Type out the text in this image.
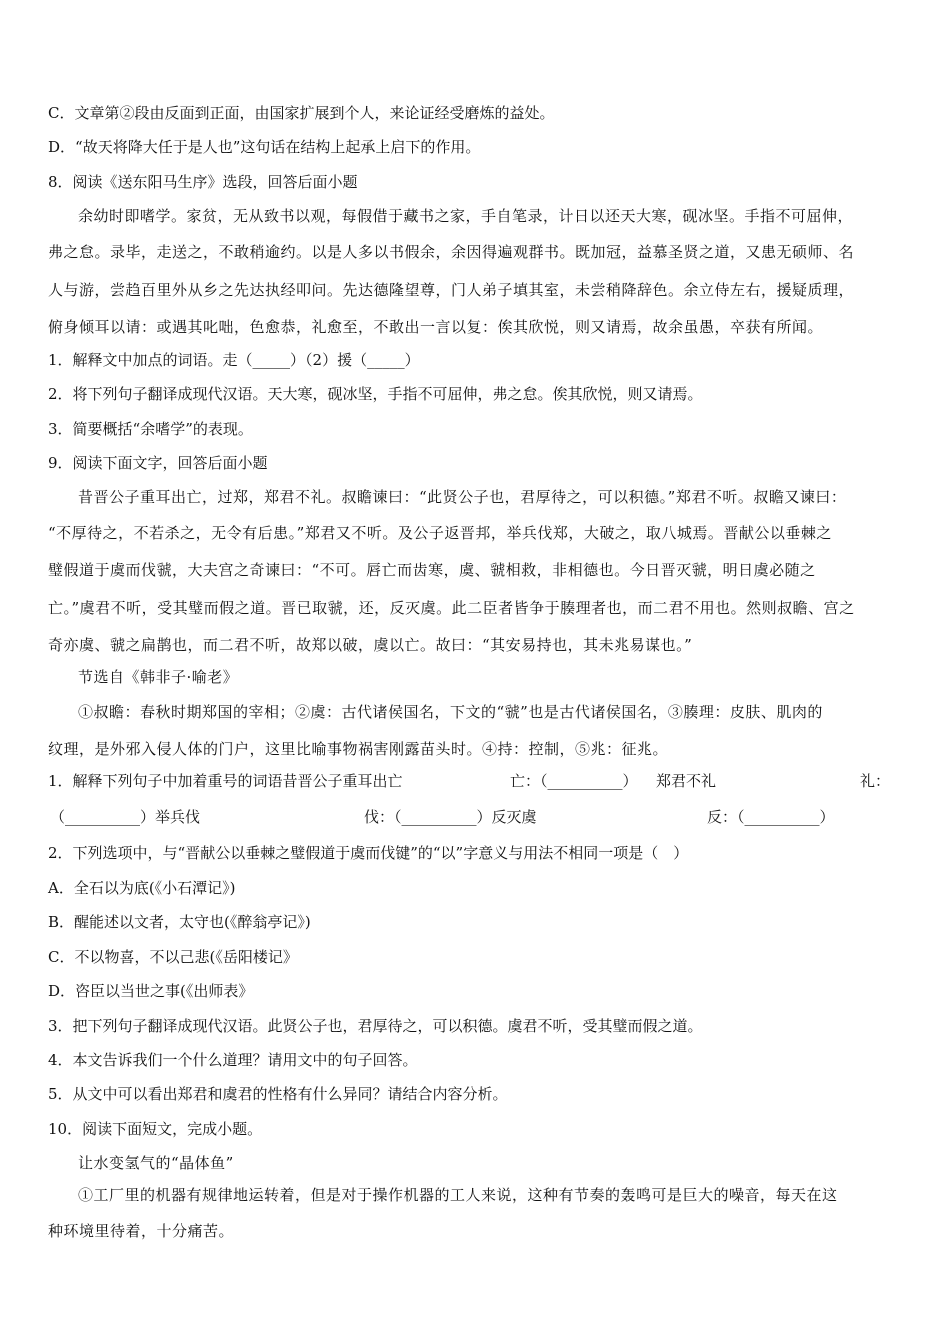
C．文章第②段由反面到正面，由国家扩展到个人，来论证经受磨炼的益处。
D．“故天将降大任于是人也”这句话在结构上起承上启下的作用。
8．阅读《送东阳马生序》选段，回答后面小题
余幼时即嗜学。家贫，无从致书以观，每假借于藏书之家，手自笔录，计日以还天大寒，砚冰坚。手指不可屈伸，
弗之怠。录毕，走送之，不敢稍逾约。以是人多以书假余，余因得遍观群书。既加冠，益慕圣贤之道，又患无硕师、名
人与游，尝趋百里外从乡之先达执经叩问。先达德隆望尊，门人弟子填其室，未尝稍降辞色。余立侍左右，援疑质理，
俯身倾耳以请：或遇其叱咄，色愈恭，礼愈至，不敢出一言以复：俟其欣悦，则又请焉，故余虽愚，卒获有所闻。
1．解释文中加点的词语。走（_____）（2）援（_____）
2．将下列句子翻译成现代汉语。天大寒，砚冰坚，手指不可屈伸，弗之怠。俟其欣悦，则又请焉。
3．简要概括“余嗜学”的表现。
9．阅读下面文字，回答后面小题
昔晋公子重耳出亡，过郑，郑君不礼。叔瞻谏曰：“此贤公子也，君厚待之，可以积德。”郑君不听。叔瞻又谏曰：
“不厚待之，不若杀之，无令有后患。”郑君又不听。及公子返晋邦，举兵伐郑，大破之，取八城焉。晋献公以垂棘之
璧假道于虞而伐虢，大夫宫之奇谏曰：“不可。唇亡而齿寒，虞、虢相救，非相德也。今日晋灭虢，明日虞必随之
亡。”虞君不听，受其璧而假之道。晋已取虢，还，反灭虞。此二臣者皆争于腠理者也，而二君不用也。然则叔瞻、宫之
奇亦虞、虢之扁鹊也，而二君不听，故郑以破，虞以亡。故曰：“其安易持也，其未兆易谋也。”
节选自《韩非子·喻老》
①叔瞻：春秋时期郑国的宰相；②虞：古代诸侯国名，下文的“虢”也是古代诸侯国名，③腠理：皮肤、肌肉的
纹理，是外邪入侵人体的门户，这里比喻事物祸害刚露苗头时。④持：控制，⑤兆：征兆。
1．解释下列句子中加着重号的词语昔晋公子重耳出亡	亡：（__________） 郑君不礼	礼：
（__________）举兵伐	伐：（__________）反灭虞	反：（__________）
2．下列选项中，与“晋献公以垂棘之璧假道于虞而伐键”的“以”字意义与用法不相同一项是（　）
A．全石以为底(《小石潭记》)
B．醒能述以文者，太守也(《醉翁亭记》)
C．不以物喜，不以己悲(《岳阳楼记》
D．咨臣以当世之事(《出师表》
3．把下列句子翻译成现代汉语。此贤公子也，君厚待之，可以积德。虞君不听，受其璧而假之道。
4．本文告诉我们一个什么道理？请用文中的句子回答。
5．从文中可以看出郑君和虞君的性格有什么异同？请结合内容分析。
10．阅读下面短文，完成小题。
让水变氢气的“晶体鱼”
①工厂里的机器有规律地运转着，但是对于操作机器的工人来说，这种有节奏的轰鸣可是巨大的噪音，每天在这
种环境里待着，十分痛苦。
